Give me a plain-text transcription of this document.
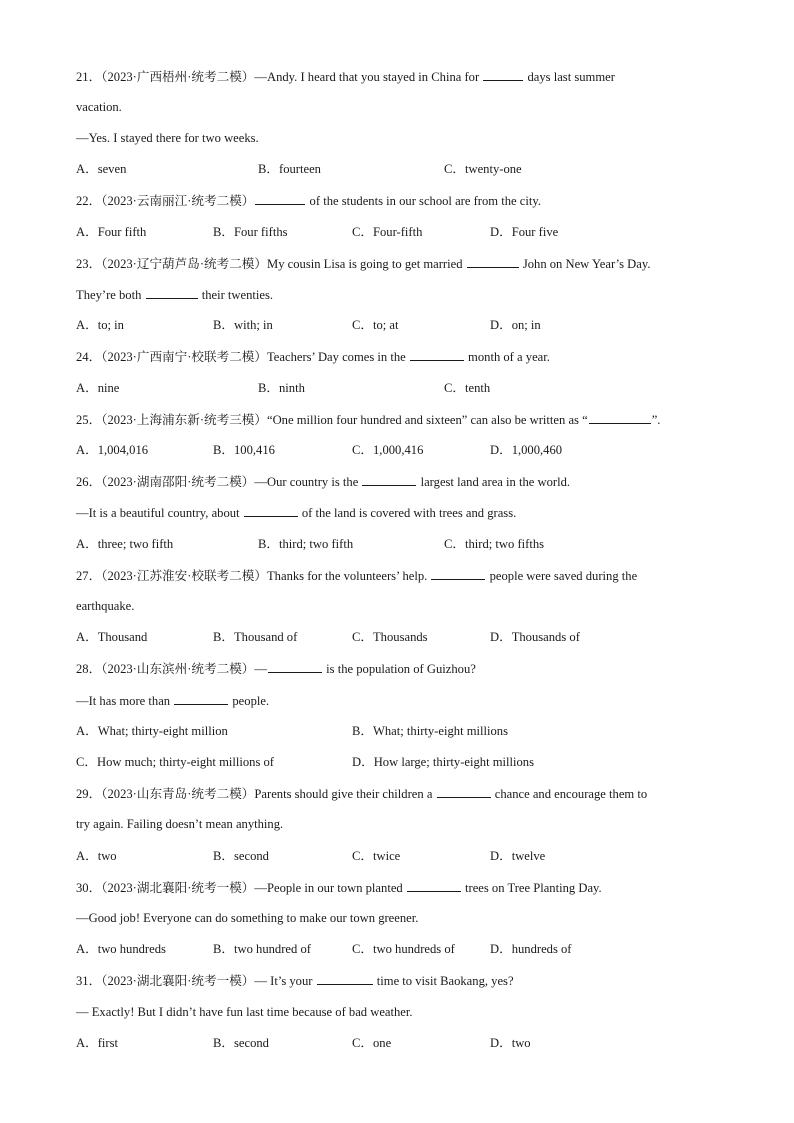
21．（2023·广西梧州·统考二模）—Andy. I heard that you stayed in China for	days last summer
vacation.
—Yes. I stayed there for two weeks.
A．seven	B．fourteen	C．twenty-one
22．（2023·云南丽江·统考二模）	of the students in our school are from the city.
A．Four fifth	B．Four fifths	C．Four-fifth	D．Four five
23．（2023·辽宁葫芦岛·统考二模）My cousin Lisa is going to get married	John on New Year’s Day.
They’re both	their twenties.
A．to; in	B．with; in	C．to; at	D．on; in
24．（2023·广西南宁·校联考二模）Teachers’ Day comes in the	month of a year.
A．nine	B．ninth	C．tenth
25．（2023·上海浦东新·统考三模）“One million four hundred and sixteen” can also be written as “	”.
A．1,004,016	B．100,416	C．1,000,416	D．1,000,460
26．（2023·湖南邵阳·统考二模）—Our country is the	largest land area in the world.
—It is a beautiful country, about	of the land is covered with trees and grass.
A．three; two fifth	B．third; two fifth	C．third; two fifths
27．（2023·江苏淮安·校联考二模）Thanks for the volunteers’ help.	people were saved during the
earthquake.
A．Thousand	B．Thousand of	C．Thousands	D．Thousands of
28．（2023·山东滨州·统考二模）—	is the population of Guizhou?
—It has more than	people.
A．What; thirty-eight million	B．What; thirty-eight millions
C．How much; thirty-eight millions of	D．How large; thirty-eight millions
29．（2023·山东青岛·统考二模）Parents should give their children a	chance and encourage them to
try again. Failing doesn’t mean anything.
A．two	B．second	C．twice	D．twelve
30．（2023·湖北襄阳·统考一模）—People in our town planted	trees on Tree Planting Day.
—Good job! Everyone can do something to make our town greener.
A．two hundreds	B．two hundred of	C．two hundreds of	D．hundreds of
31．（2023·湖北襄阳·统考一模）— It’s your	time to visit Baokang, yes?
— Exactly! But I didn’t have fun last time because of bad weather.
A．first	B．second	C．one	D．two
